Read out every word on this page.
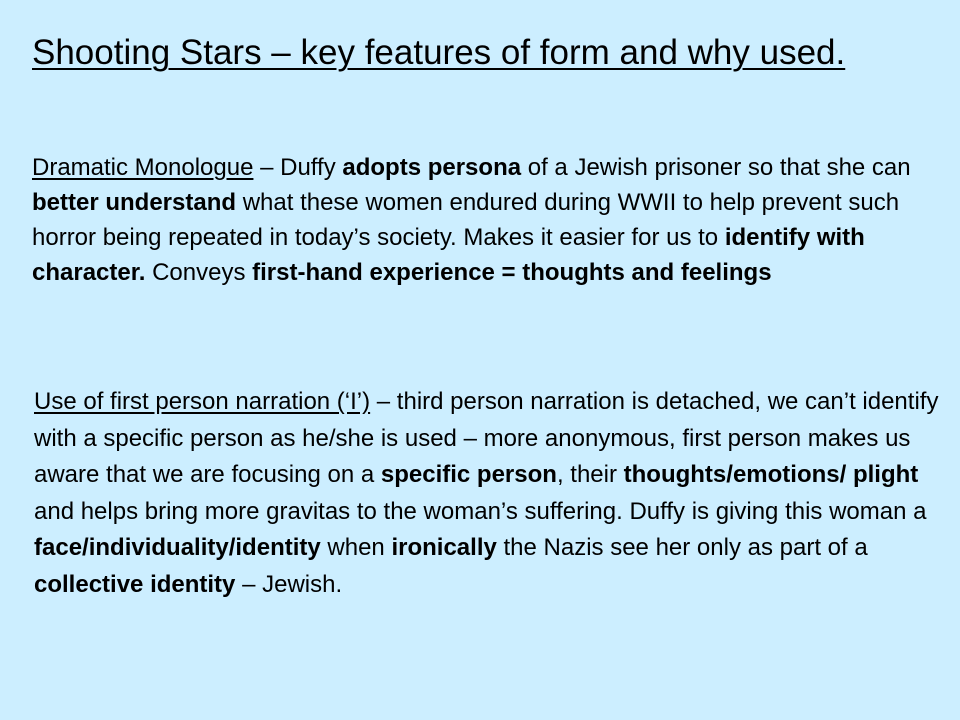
Shooting Stars – key features of form and why used.

Dramatic Monologue – Duffy adopts persona of a Jewish prisoner so that she can better understand what these women endured during WWII to help prevent such horror being repeated in today’s society. Makes it easier for us to identify with character. Conveys first-hand experience = thoughts and feelings

Use of first person narration (‘I’) – third person narration is detached, we can’t identify with a specific person as he/she is used – more anonymous, first person makes us aware that we are focusing on a specific person, their thoughts/emotions/ plight and helps bring more gravitas to the woman’s suffering. Duffy is giving this woman a face/individuality/identity when ironically the Nazis see her only as part of a collective identity – Jewish.
